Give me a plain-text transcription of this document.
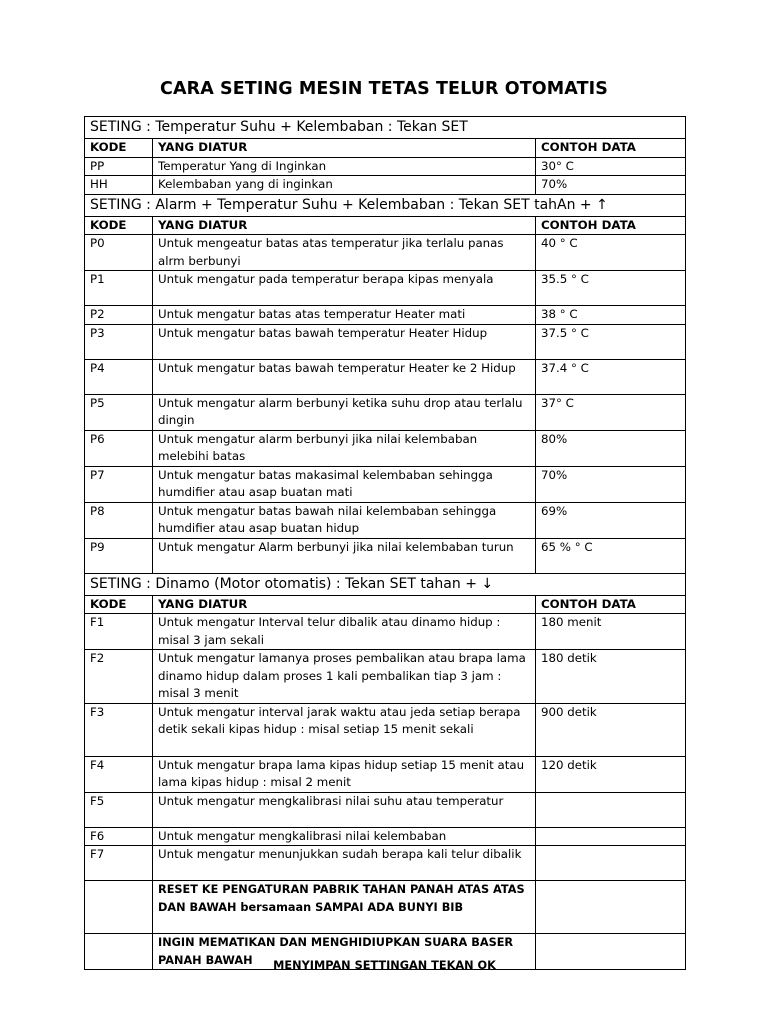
CARA SETING MESIN TETAS TELUR OTOMATIS
SETING : Temperatur Suhu + Kelembaban : Tekan SET		
KODE	YANG DIATUR	CONTOH DATA
PP	Temperatur Yang di Inginkan	30° C
HH	Kelembaban yang di inginkan	70%
SETING : Alarm + Temperatur Suhu + Kelembaban : Tekan SET tahAn + ↑		
KODE	YANG DIATUR	CONTOH DATA
P0	Untuk mengeatur batas atas temperatur jika terlalu panas alrm berbunyi	40 ° C
P1	Untuk mengatur pada temperatur berapa kipas menyala	35.5 ° C
P2	Untuk mengatur batas atas temperatur Heater mati	38 ° C
P3	Untuk mengatur batas bawah temperatur Heater Hidup	37.5 ° C
P4	Untuk mengatur batas bawah temperatur Heater ke 2 Hidup	37.4 ° C
P5	Untuk mengatur alarm berbunyi ketika suhu drop atau terlalu dingin	37° C
P6	Untuk mengatur alarm berbunyi jika nilai kelembaban melebihi batas	80%
P7	Untuk mengatur batas makasimal kelembaban sehingga humdifier atau asap buatan mati	70%
P8	Untuk mengatur batas bawah nilai kelembaban sehingga humdifier atau asap buatan hidup	69%
P9	Untuk mengatur Alarm berbunyi jika nilai kelembaban turun	65 % ° C
SETING : Dinamo (Motor otomatis) : Tekan SET tahan + ↓		
KODE	YANG DIATUR	CONTOH DATA
F1	Untuk mengatur Interval telur dibalik atau dinamo hidup : misal 3 jam sekali	180 menit
F2	Untuk mengatur lamanya proses pembalikan atau brapa lama dinamo hidup dalam proses 1 kali pembalikan tiap 3 jam : misal 3 menit	180 detik
F3	Untuk mengatur interval jarak waktu atau jeda setiap berapa detik sekali kipas hidup : misal setiap 15 menit sekali	900 detik
F4	Untuk mengatur brapa lama kipas hidup setiap 15 menit atau lama kipas hidup : misal 2 menit	120 detik
F5	Untuk mengatur mengkalibrasi nilai suhu atau temperatur	
F6	Untuk mengatur mengkalibrasi nilai kelembaban	
F7	Untuk mengatur menunjukkan sudah berapa kali telur dibalik	
	RESET KE PENGATURAN PABRIK TAHAN PANAH ATAS ATAS DAN BAWAH bersamaan SAMPAI ADA BUNYI BIB	
	INGIN MEMATIKAN DAN MENGHIDIUPKAN SUARA BASER PANAH BAWAH		MENYIMPAN SETTINGAN TEKAN OK
